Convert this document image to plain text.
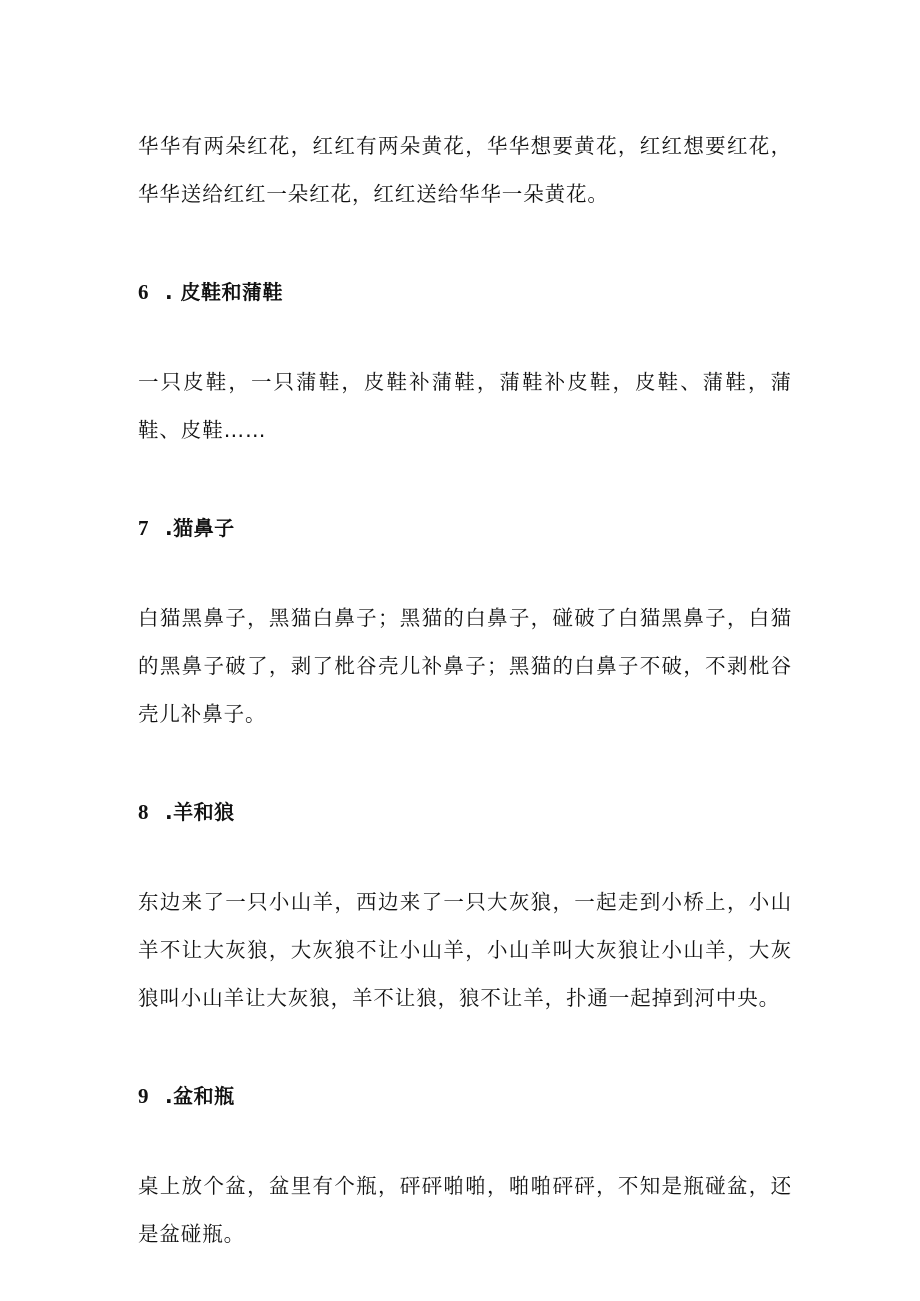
华华有两朵红花，红红有两朵黄花，华华想要黄花，红红想要红花，华华送给红红一朵红花，红红送给华华一朵黄花。

6 . 皮鞋和蒲鞋

一只皮鞋，一只蒲鞋，皮鞋补蒲鞋，蒲鞋补皮鞋，皮鞋、蒲鞋，蒲鞋、皮鞋……

7 .猫鼻子

白猫黑鼻子，黑猫白鼻子；黑猫的白鼻子，碰破了白猫黑鼻子，白猫的黑鼻子破了，剥了枇谷壳儿补鼻子；黑猫的白鼻子不破，不剥枇谷壳儿补鼻子。

8 .羊和狼

东边来了一只小山羊，西边来了一只大灰狼，一起走到小桥上，小山羊不让大灰狼，大灰狼不让小山羊，小山羊叫大灰狼让小山羊，大灰狼叫小山羊让大灰狼，羊不让狼，狼不让羊，扑通一起掉到河中央。

9 .盆和瓶

桌上放个盆，盆里有个瓶，砰砰啪啪，啪啪砰砰，不知是瓶碰盆，还是盆碰瓶。
